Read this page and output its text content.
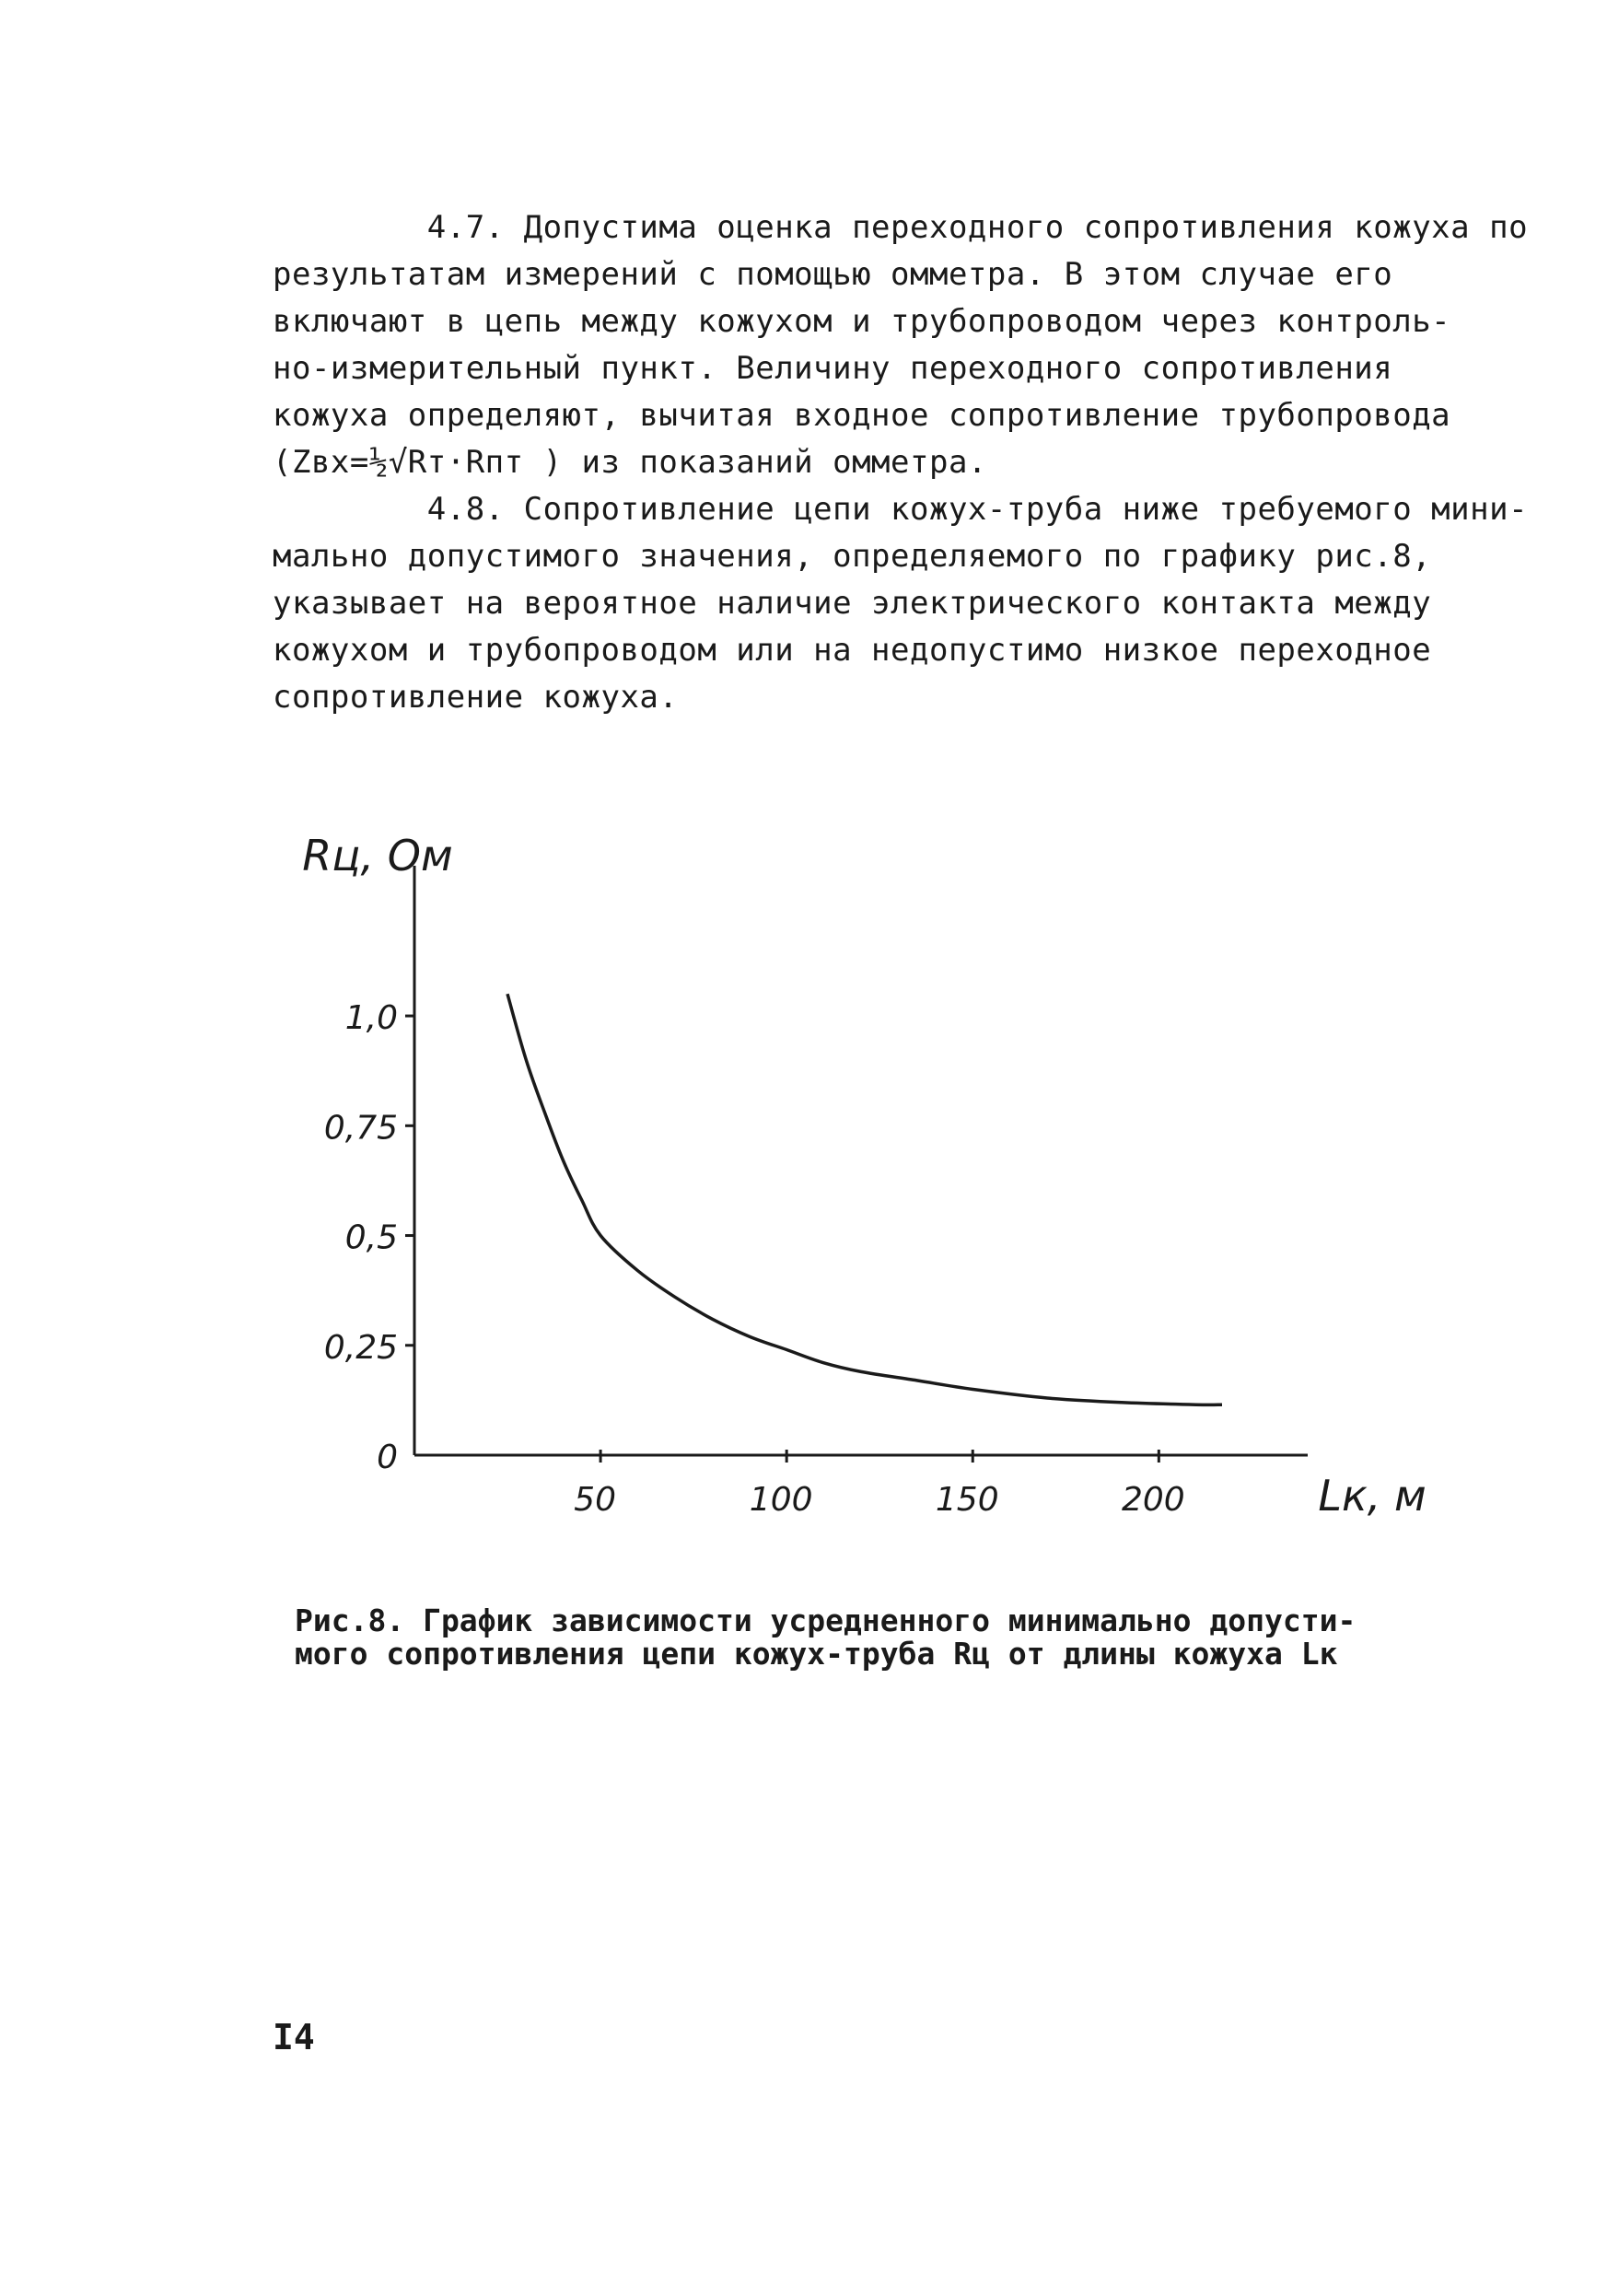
4.7. Допустима оценка переходного сопротивления кожуха по
результатам измерений с помощью омметра. В этом случае его
включают в цепь между кожухом и трубопроводом через контроль-
но-измерительный пункт. Величину переходного сопротивления
кожуха определяют, вычитая входное сопротивление трубопровода
(Zвх=½√Rт·Rпт ) из показаний омметра.
4.8. Сопротивление цепи кожух-труба ниже требуемого мини-
мально допустимого значения, определяемого по графику рис.8,
указывает на вероятное наличие электрического контакта между
кожухом и трубопроводом или на недопустимо низкое переходное
сопротивление кожуха.
0
0,25
0,5
0,75
1,0
50	100	150	200
Rц, Ом
Lк, м
Рис.8. График зависимости усредненного минимально допусти-
мого сопротивления цепи кожух-труба Rц от длины кожуха Lк
I4
